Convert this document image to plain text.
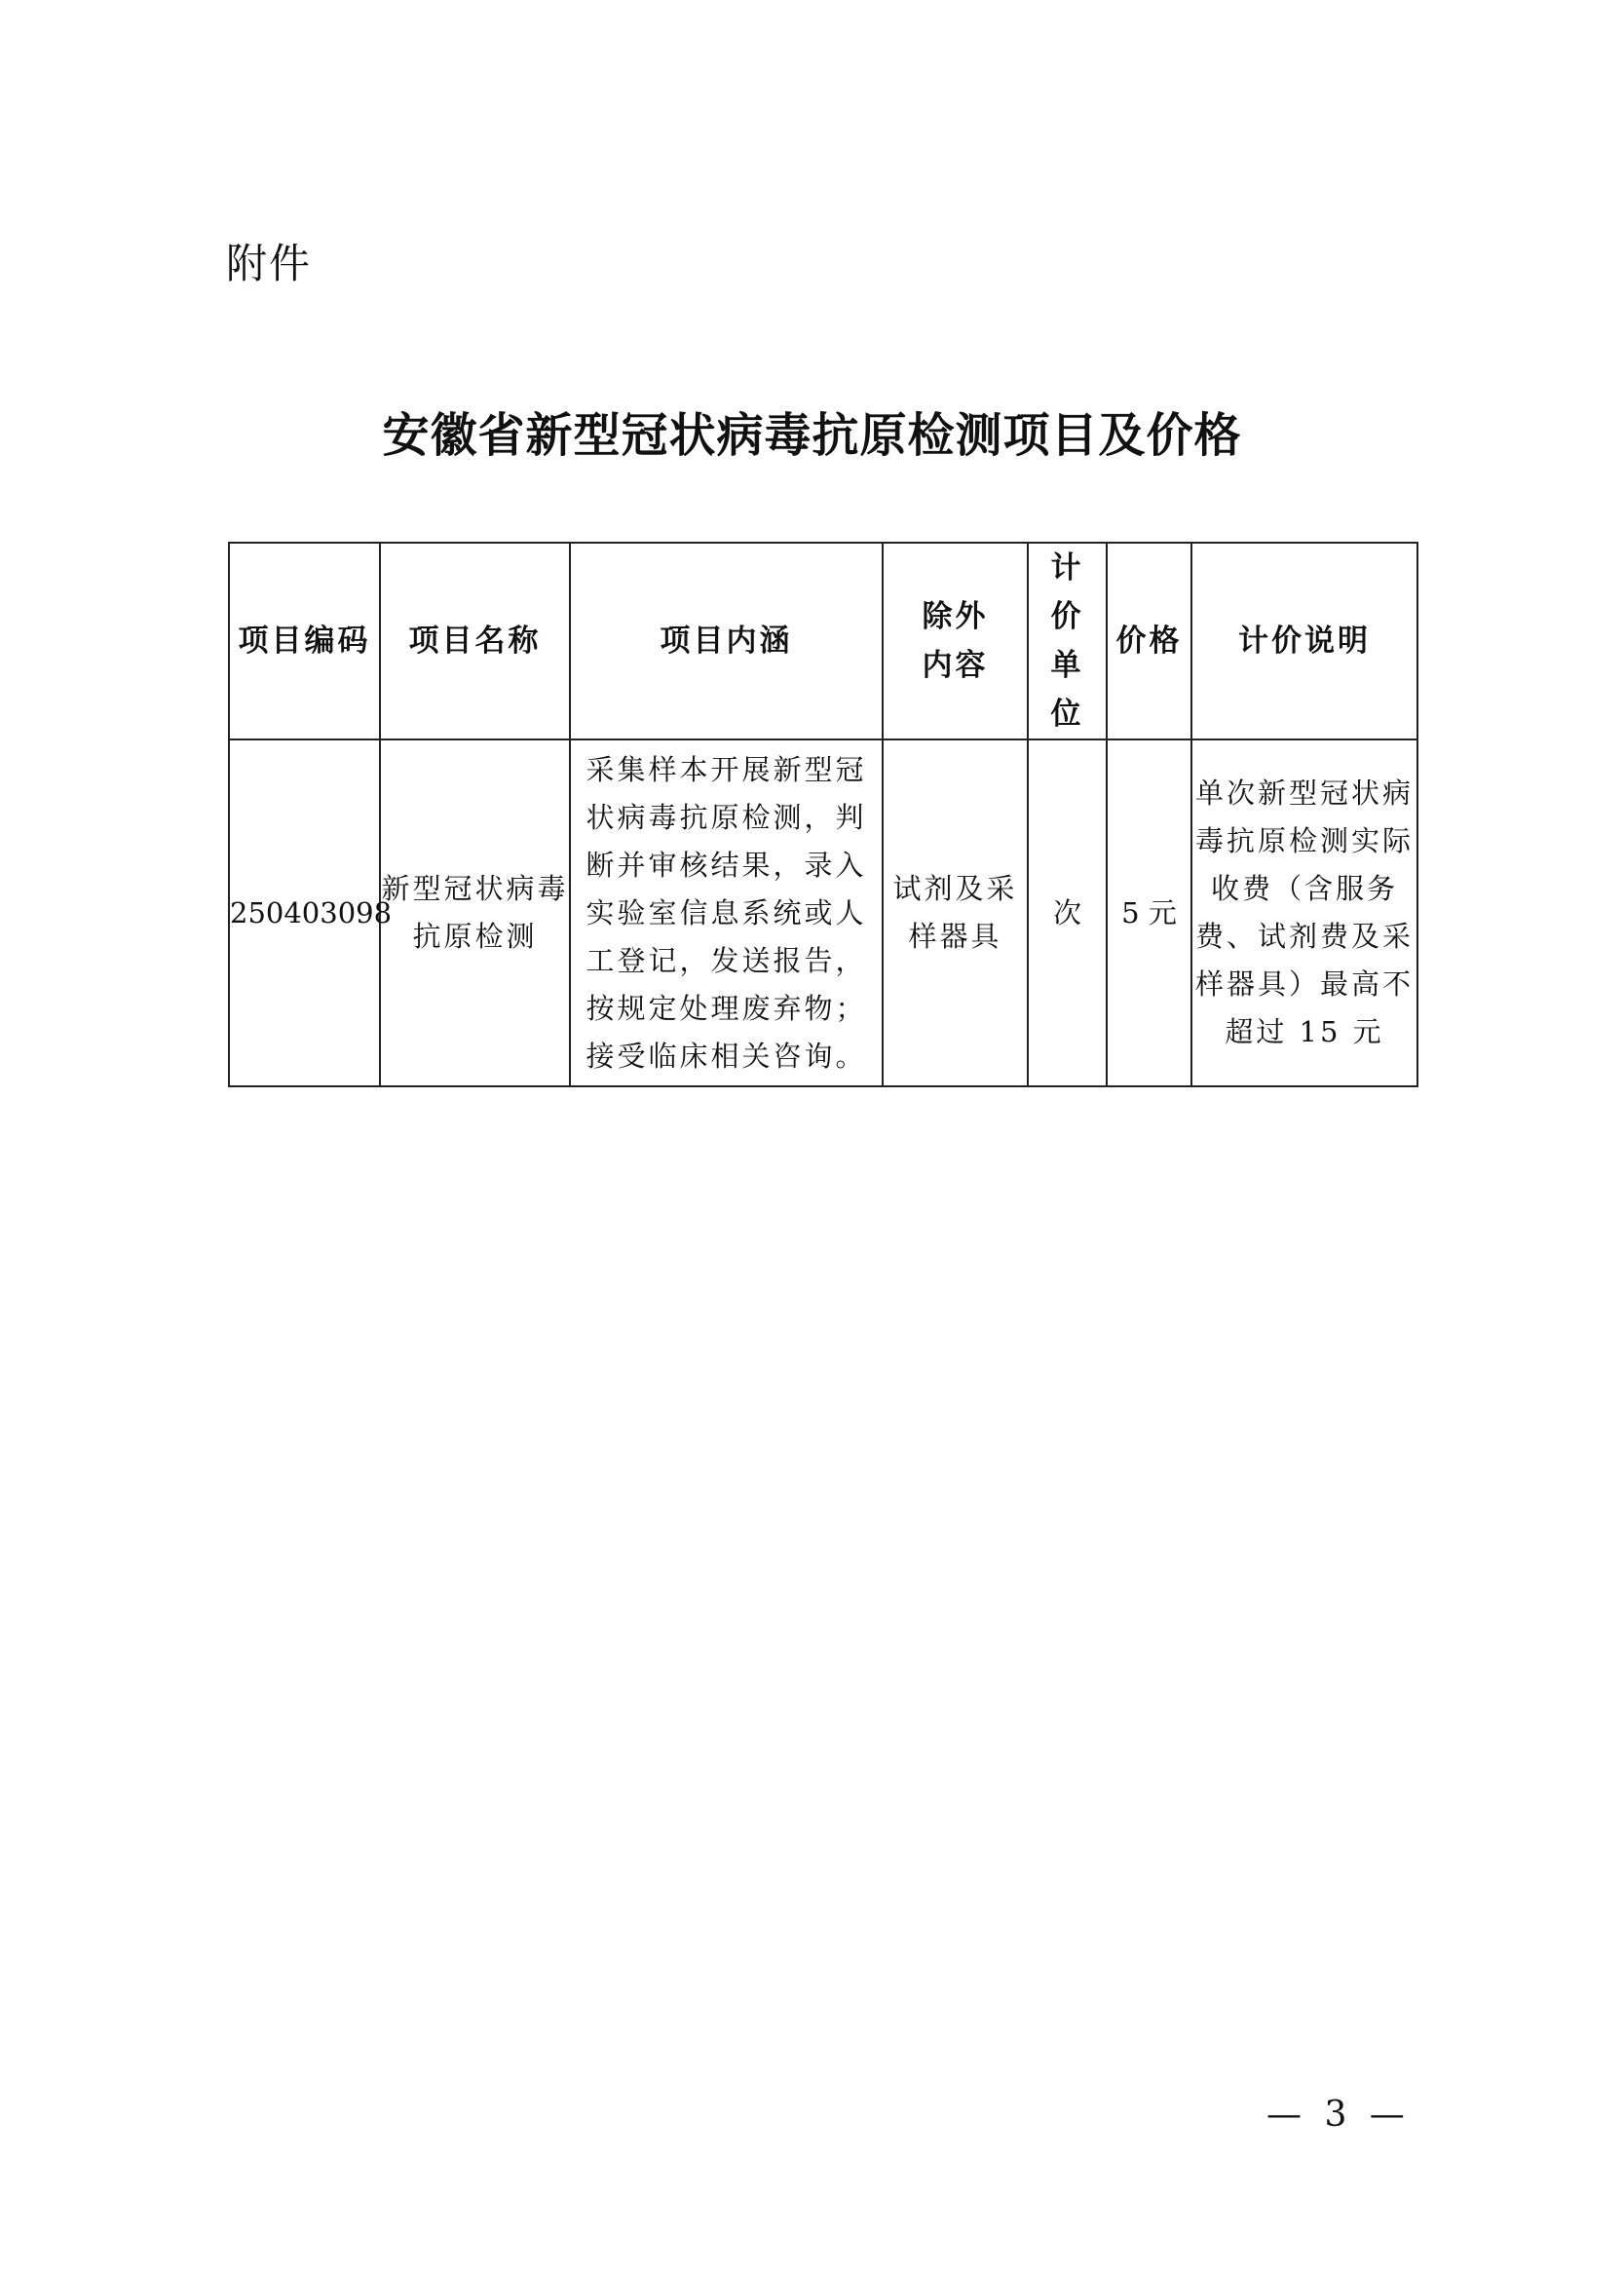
附件
安徽省新型冠状病毒抗原检测项目及价格
项目编码	项目名称	项目内涵	除外内容	计价单位	价格	计价说明
250403098	新型冠状病毒抗原检测	采集样本开展新型冠状病毒抗原检测，判断并审核结果，录入实验室信息系统或人工登记，发送报告，按规定处理废弃物；接受临床相关咨询。	试剂及采样器具	次	5 元	单次新型冠状病毒抗原检测实际收费（含服务费、试剂费及采样器具）最高不超过 15 元
— 3 —
